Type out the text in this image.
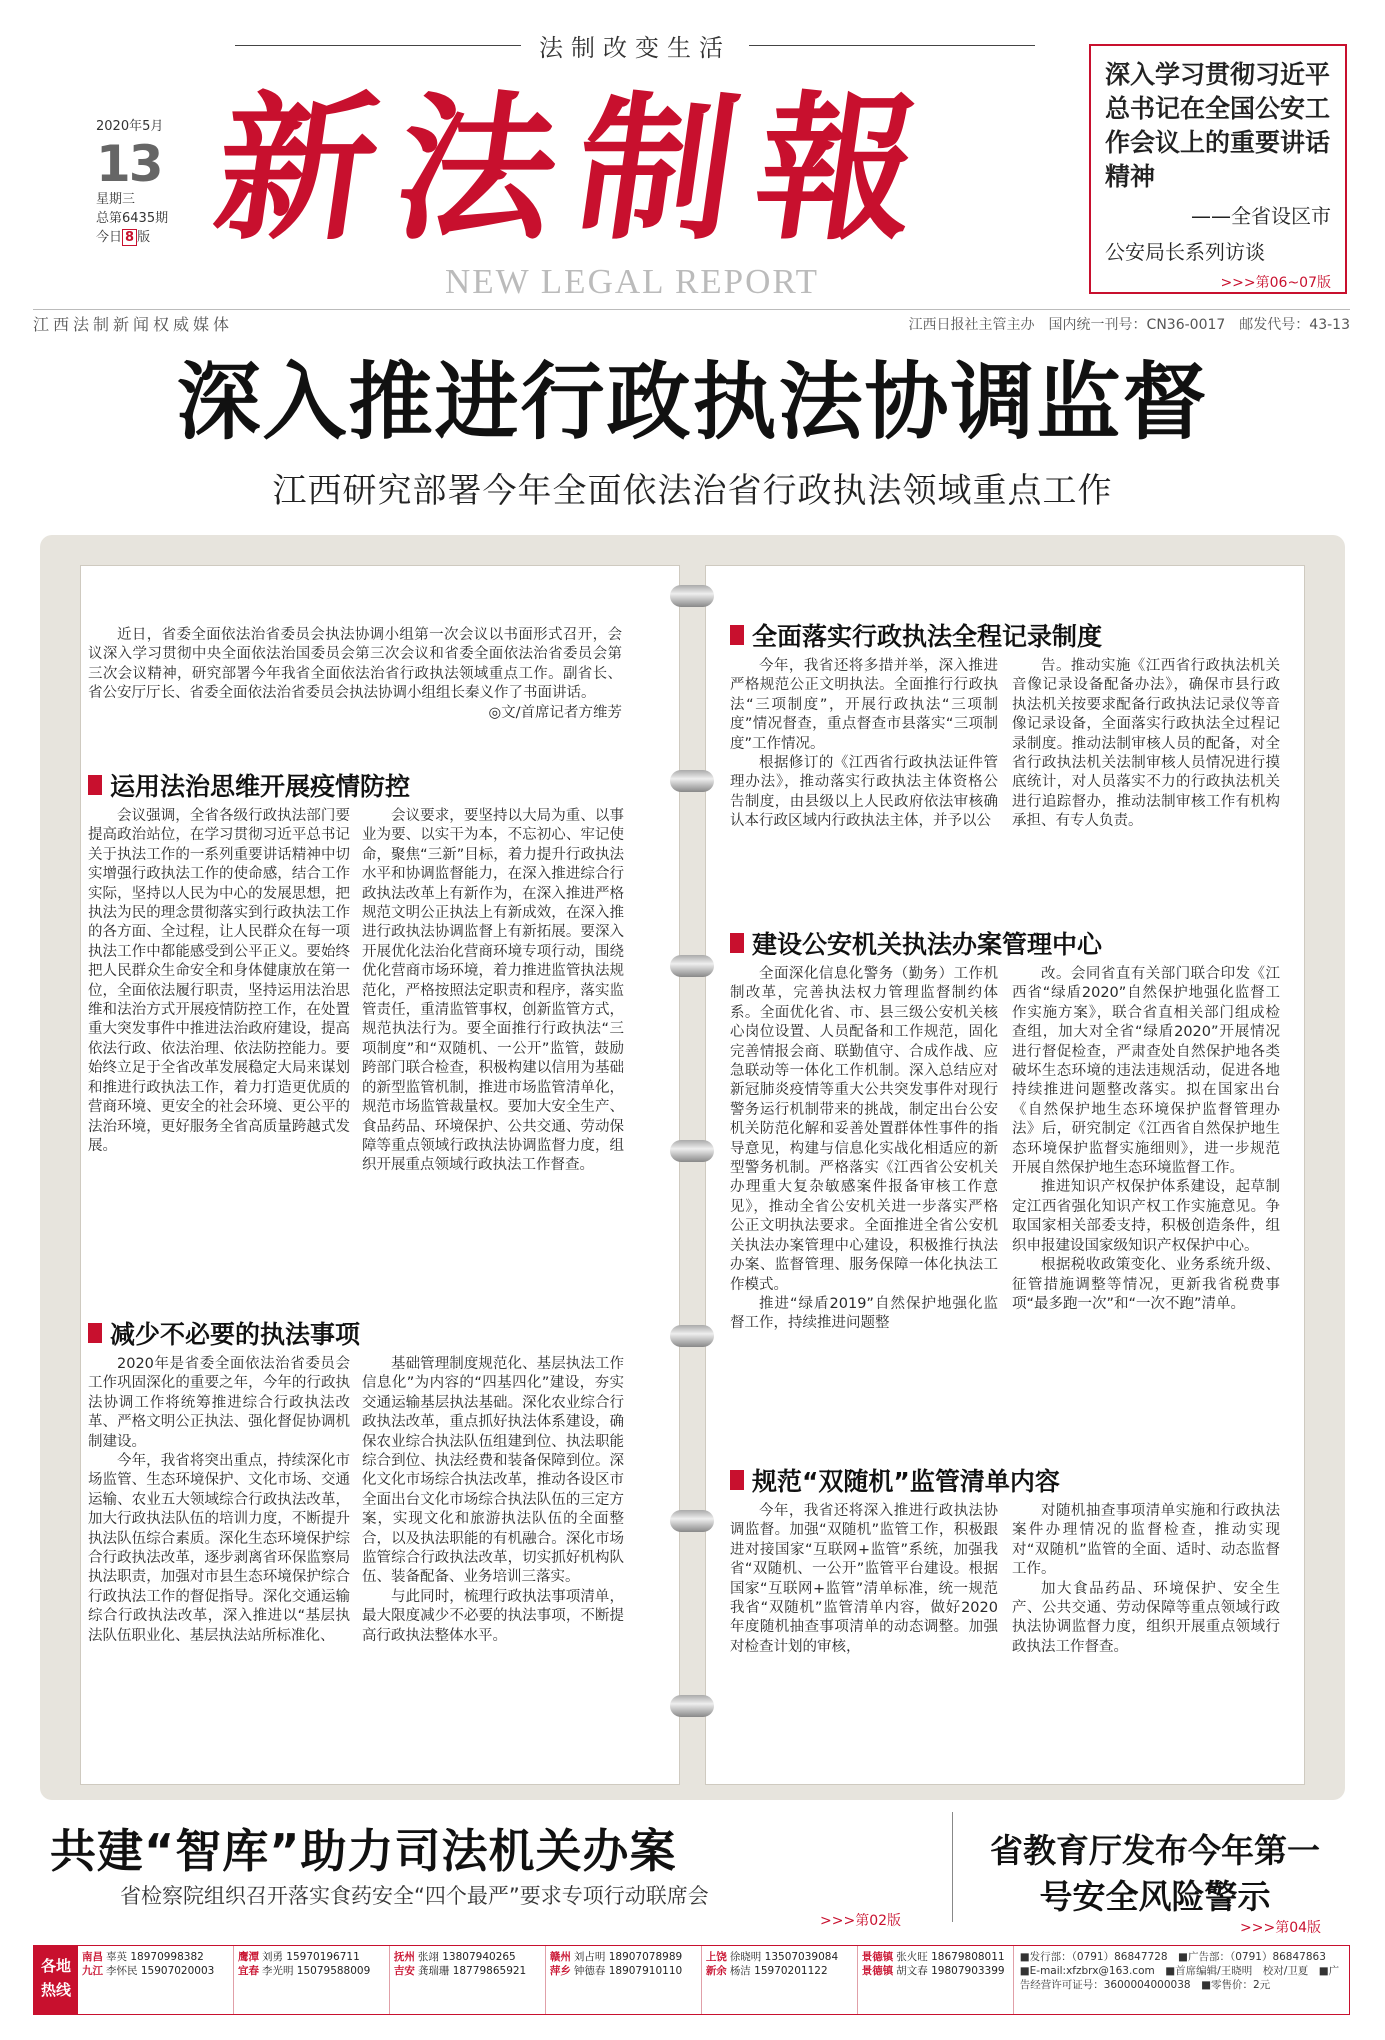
法制改变生活
2020年5月
13
星期三
总第6435期
今日 8 版 新法制報
NEW LEGAL REPORT
深入学习贯彻习近平总书记在全国公安工作会议上的重要讲话精神
——全省设区市
公安局长系列访谈
>>>第06~07版
江西法制新闻权威媒体	江西日报社主管主办　国内统一刊号：CN36-0017　邮发代号：43-13
深入推进行政执法协调监督
江西研究部署今年全面依法治省行政执法领域重点工作

近日，省委全面依法治省委员会执法协调小组第一次会议以书面形式召开，会议深入学习贯彻中央全面依法治国委员会第三次会议和省委全面依法治省委员会第三次会议精神，研究部署今年我省全面依法治省行政执法领域重点工作。副省长、省公安厅厅长、省委全面依法治省委员会执法协调小组组长秦义作了书面讲话。

◎文/首席记者方维芳

运用法治思维开展疫情防控

会议强调，全省各级行政执法部门要提高政治站位，在学习贯彻习近平总书记关于执法工作的一系列重要讲话精神中切实增强行政执法工作的使命感，结合工作实际，坚持以人民为中心的发展思想，把执法为民的理念贯彻落实到行政执法工作的各方面、全过程，让人民群众在每一项执法工作中都能感受到公平正义。要始终把人民群众生命安全和身体健康放在第一位，全面依法履行职责，坚持运用法治思维和法治方式开展疫情防控工作，在处置重大突发事件中推进法治政府建设，提高依法行政、依法治理、依法防控能力。要始终立足于全省改革发展稳定大局来谋划和推进行政执法工作，着力打造更优质的营商环境、更安全的社会环境、更公平的法治环境，更好服务全省高质量跨越式发展。

会议要求，要坚持以大局为重、以事业为要、以实干为本，不忘初心、牢记使命，聚焦“三新”目标，着力提升行政执法水平和协调监督能力，在深入推进综合行政执法改革上有新作为，在深入推进严格规范文明公正执法上有新成效，在深入推进行政执法协调监督上有新拓展。要深入开展优化法治化营商环境专项行动，围绕优化营商市场环境，着力推进监管执法规范化，严格按照法定职责和程序，落实监管责任，重清监管事权，创新监管方式，规范执法行为。要全面推行行政执法“三项制度”和“双随机、一公开”监管，鼓励跨部门联合检查，积极构建以信用为基础的新型监管机制，推进市场监管清单化，规范市场监管裁量权。要加大安全生产、食品药品、环境保护、公共交通、劳动保障等重点领域行政执法协调监督力度，组织开展重点领域行政执法工作督查。

减少不必要的执法事项

2020年是省委全面依法治省委员会工作巩固深化的重要之年，今年的行政执法协调工作将统筹推进综合行政执法改革、严格文明公正执法、强化督促协调机制建设。

今年，我省将突出重点，持续深化市场监管、生态环境保护、文化市场、交通运输、农业五大领域综合行政执法改革，加大行政执法队伍的培训力度，不断提升执法队伍综合素质。深化生态环境保护综合行政执法改革，逐步剥离省环保监察局执法职责，加强对市县生态环境保护综合行政执法工作的督促指导。深化交通运输综合行政执法改革，深入推进以“基层执法队伍职业化、基层执法站所标准化、

基础管理制度规范化、基层执法工作信息化”为内容的“四基四化”建设，夯实交通运输基层执法基础。深化农业综合行政执法改革，重点抓好执法体系建设，确保农业综合执法队伍组建到位、执法职能综合到位、执法经费和装备保障到位。深化文化市场综合执法改革，推动各设区市全面出台文化市场综合执法队伍的三定方案，实现文化和旅游执法队伍的全面整合，以及执法职能的有机融合。深化市场监管综合行政执法改革，切实抓好机构队伍、装备配备、业务培训三落实。

与此同时，梳理行政执法事项清单，最大限度减少不必要的执法事项，不断提高行政执法整体水平。

全面落实行政执法全程记录制度

今年，我省还将多措并举，深入推进严格规范公正文明执法。全面推行行政执法“三项制度”，开展行政执法“三项制度”情况督查，重点督查市县落实“三项制度”工作情况。

根据修订的《江西省行政执法证件管理办法》，推动落实行政执法主体资格公告制度，由县级以上人民政府依法审核确认本行政区域内行政执法主体，并予以公

告。推动实施《江西省行政执法机关音像记录设备配备办法》，确保市县行政执法机关按要求配备行政执法记录仪等音像记录设备，全面落实行政执法全过程记录制度。推动法制审核人员的配备，对全省行政执法机关法制审核人员情况进行摸底统计，对人员落实不力的行政执法机关进行追踪督办，推动法制审核工作有机构承担、有专人负责。

建设公安机关执法办案管理中心

全面深化信息化警务（勤务）工作机制改革，完善执法权力管理监督制约体系。全面优化省、市、县三级公安机关核心岗位设置、人员配备和工作规范，固化完善情报会商、联勤值守、合成作战、应急联动等一体化工作机制。深入总结应对新冠肺炎疫情等重大公共突发事件对现行警务运行机制带来的挑战，制定出台公安机关防范化解和妥善处置群体性事件的指导意见，构建与信息化实战化相适应的新型警务机制。严格落实《江西省公安机关办理重大复杂敏感案件报备审核工作意见》，推动全省公安机关进一步落实严格公正文明执法要求。全面推进全省公安机关执法办案管理中心建设，积极推行执法办案、监督管理、服务保障一体化执法工作模式。

推进“绿盾2019”自然保护地强化监督工作，持续推进问题整

改。会同省直有关部门联合印发《江西省“绿盾2020”自然保护地强化监督工作实施方案》，联合省直相关部门组成检查组，加大对全省“绿盾2020”开展情况进行督促检查，严肃查处自然保护地各类破坏生态环境的违法违规活动，促进各地持续推进问题整改落实。拟在国家出台《自然保护地生态环境保护监督管理办法》后，研究制定《江西省自然保护地生态环境保护监督实施细则》，进一步规范开展自然保护地生态环境监督工作。

推进知识产权保护体系建设，起草制定江西省强化知识产权工作实施意见。争取国家相关部委支持，积极创造条件，组织申报建设国家级知识产权保护中心。

根据税收政策变化、业务系统升级、征管措施调整等情况，更新我省税费事项“最多跑一次”和“一次不跑”清单。

规范“双随机”监管清单内容

今年，我省还将深入推进行政执法协调监督。加强“双随机”监管工作，积极跟进对接国家“互联网+监管”系统，加强我省“双随机、一公开”监管平台建设。根据国家“互联网+监管”清单标准，统一规范我省“双随机”监管清单内容，做好2020年度随机抽查事项清单的动态调整。加强对检查计划的审核，

对随机抽查事项清单实施和行政执法案件办理情况的监督检查，推动实现对“双随机”监管的全面、适时、动态监督工作。

加大食品药品、环境保护、安全生产、公共交通、劳动保障等重点领域行政执法协调监督力度，组织开展重点领域行政执法工作督查。

共建“智库”助力司法机关办案
省检察院组织召开落实食药安全“四个最严”要求专项行动联席会
>>>第02版
省教育厅发布今年第一号安全风险警示
>>>第04版
各地热线
南昌 辜英 18970998382
九江 李怀民 15907020003
鹰潭 刘勇 15970196711
宜春 李光明 15079588009
抚州 张翊 13807940265
吉安 龚瑞珊 18779865921
赣州 刘占明 18907078989
萍乡 钟德春 18907910110
上饶 徐晓明 13507039084
新余 杨洁 15970201122
景德镇 张火旺 18679808011
景德镇 胡文春 19807903399
■发行部：（0791）86847728　■广告部：（0791）86847863　■E-mail:xfzbrx@163.com　■首席编辑/王晓明　校对/卫夏　■广告经营许可证号：3600004000038　■零售价：2元
